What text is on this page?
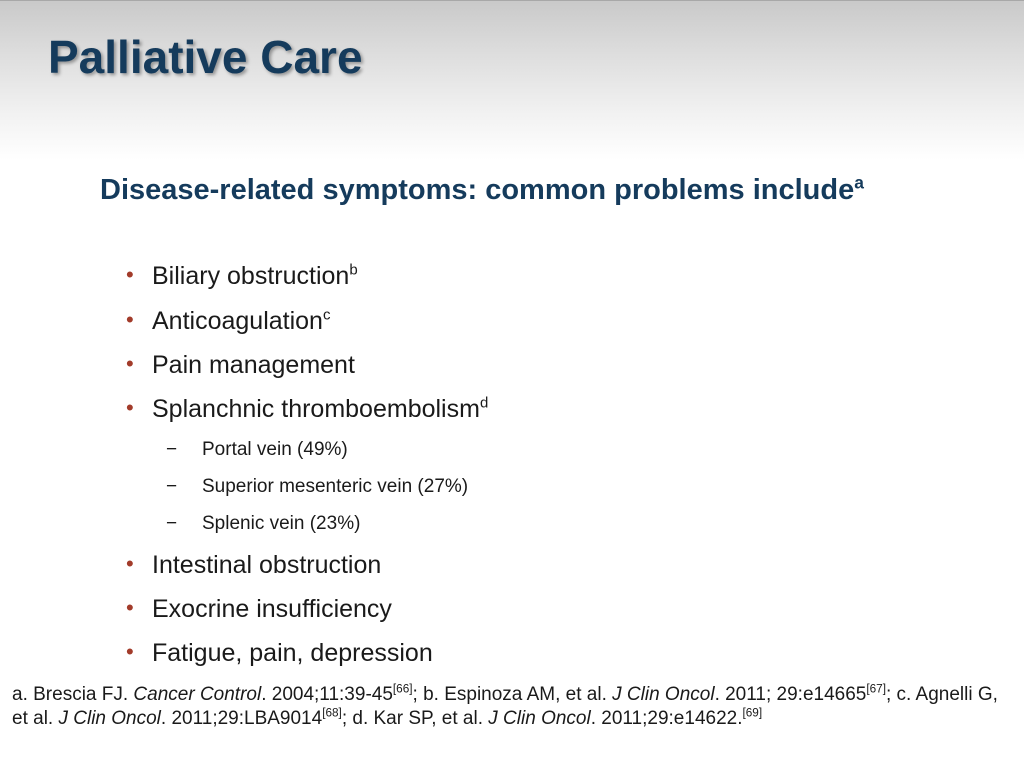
Palliative Care
Disease-related symptoms: common problems include$^a$
• Biliary obstruction$^b$
• Anticoagulation$^c$
• Pain management
• Splanchnic thromboembolism$^d$
− Portal vein (49%)
− Superior mesenteric vein (27%)
− Splenic vein (23%)
• Intestinal obstruction
• Exocrine insufficiency
• Fatigue, pain, depression

a. Brescia FJ. Cancer Control. 2004;11:39-45[66]; b. Espinoza AM, et al. J Clin Oncol. 2011; 29:e14665[67]; c. Agnelli G, et al. J Clin Oncol. 2011;29:LBA9014[68]; d. Kar SP, et al. J Clin Oncol. 2011;29:e14622.[69]
